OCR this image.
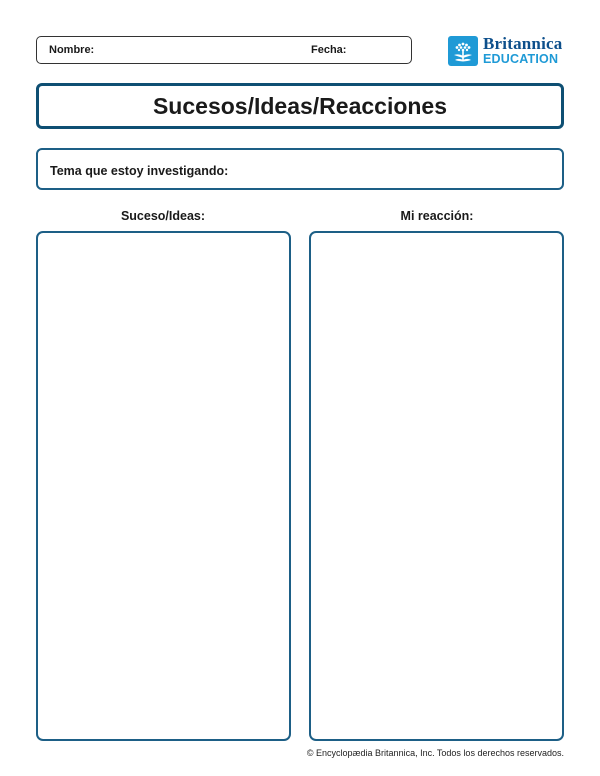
Nombre:	Fecha:	Britannica
EDUCATION
Sucesos/Ideas/Reacciones
Tema que estoy investigando:
Suceso/Ideas:	Mi reacción:
© Encyclopædia Britannica, Inc. Todos los derechos reservados.
